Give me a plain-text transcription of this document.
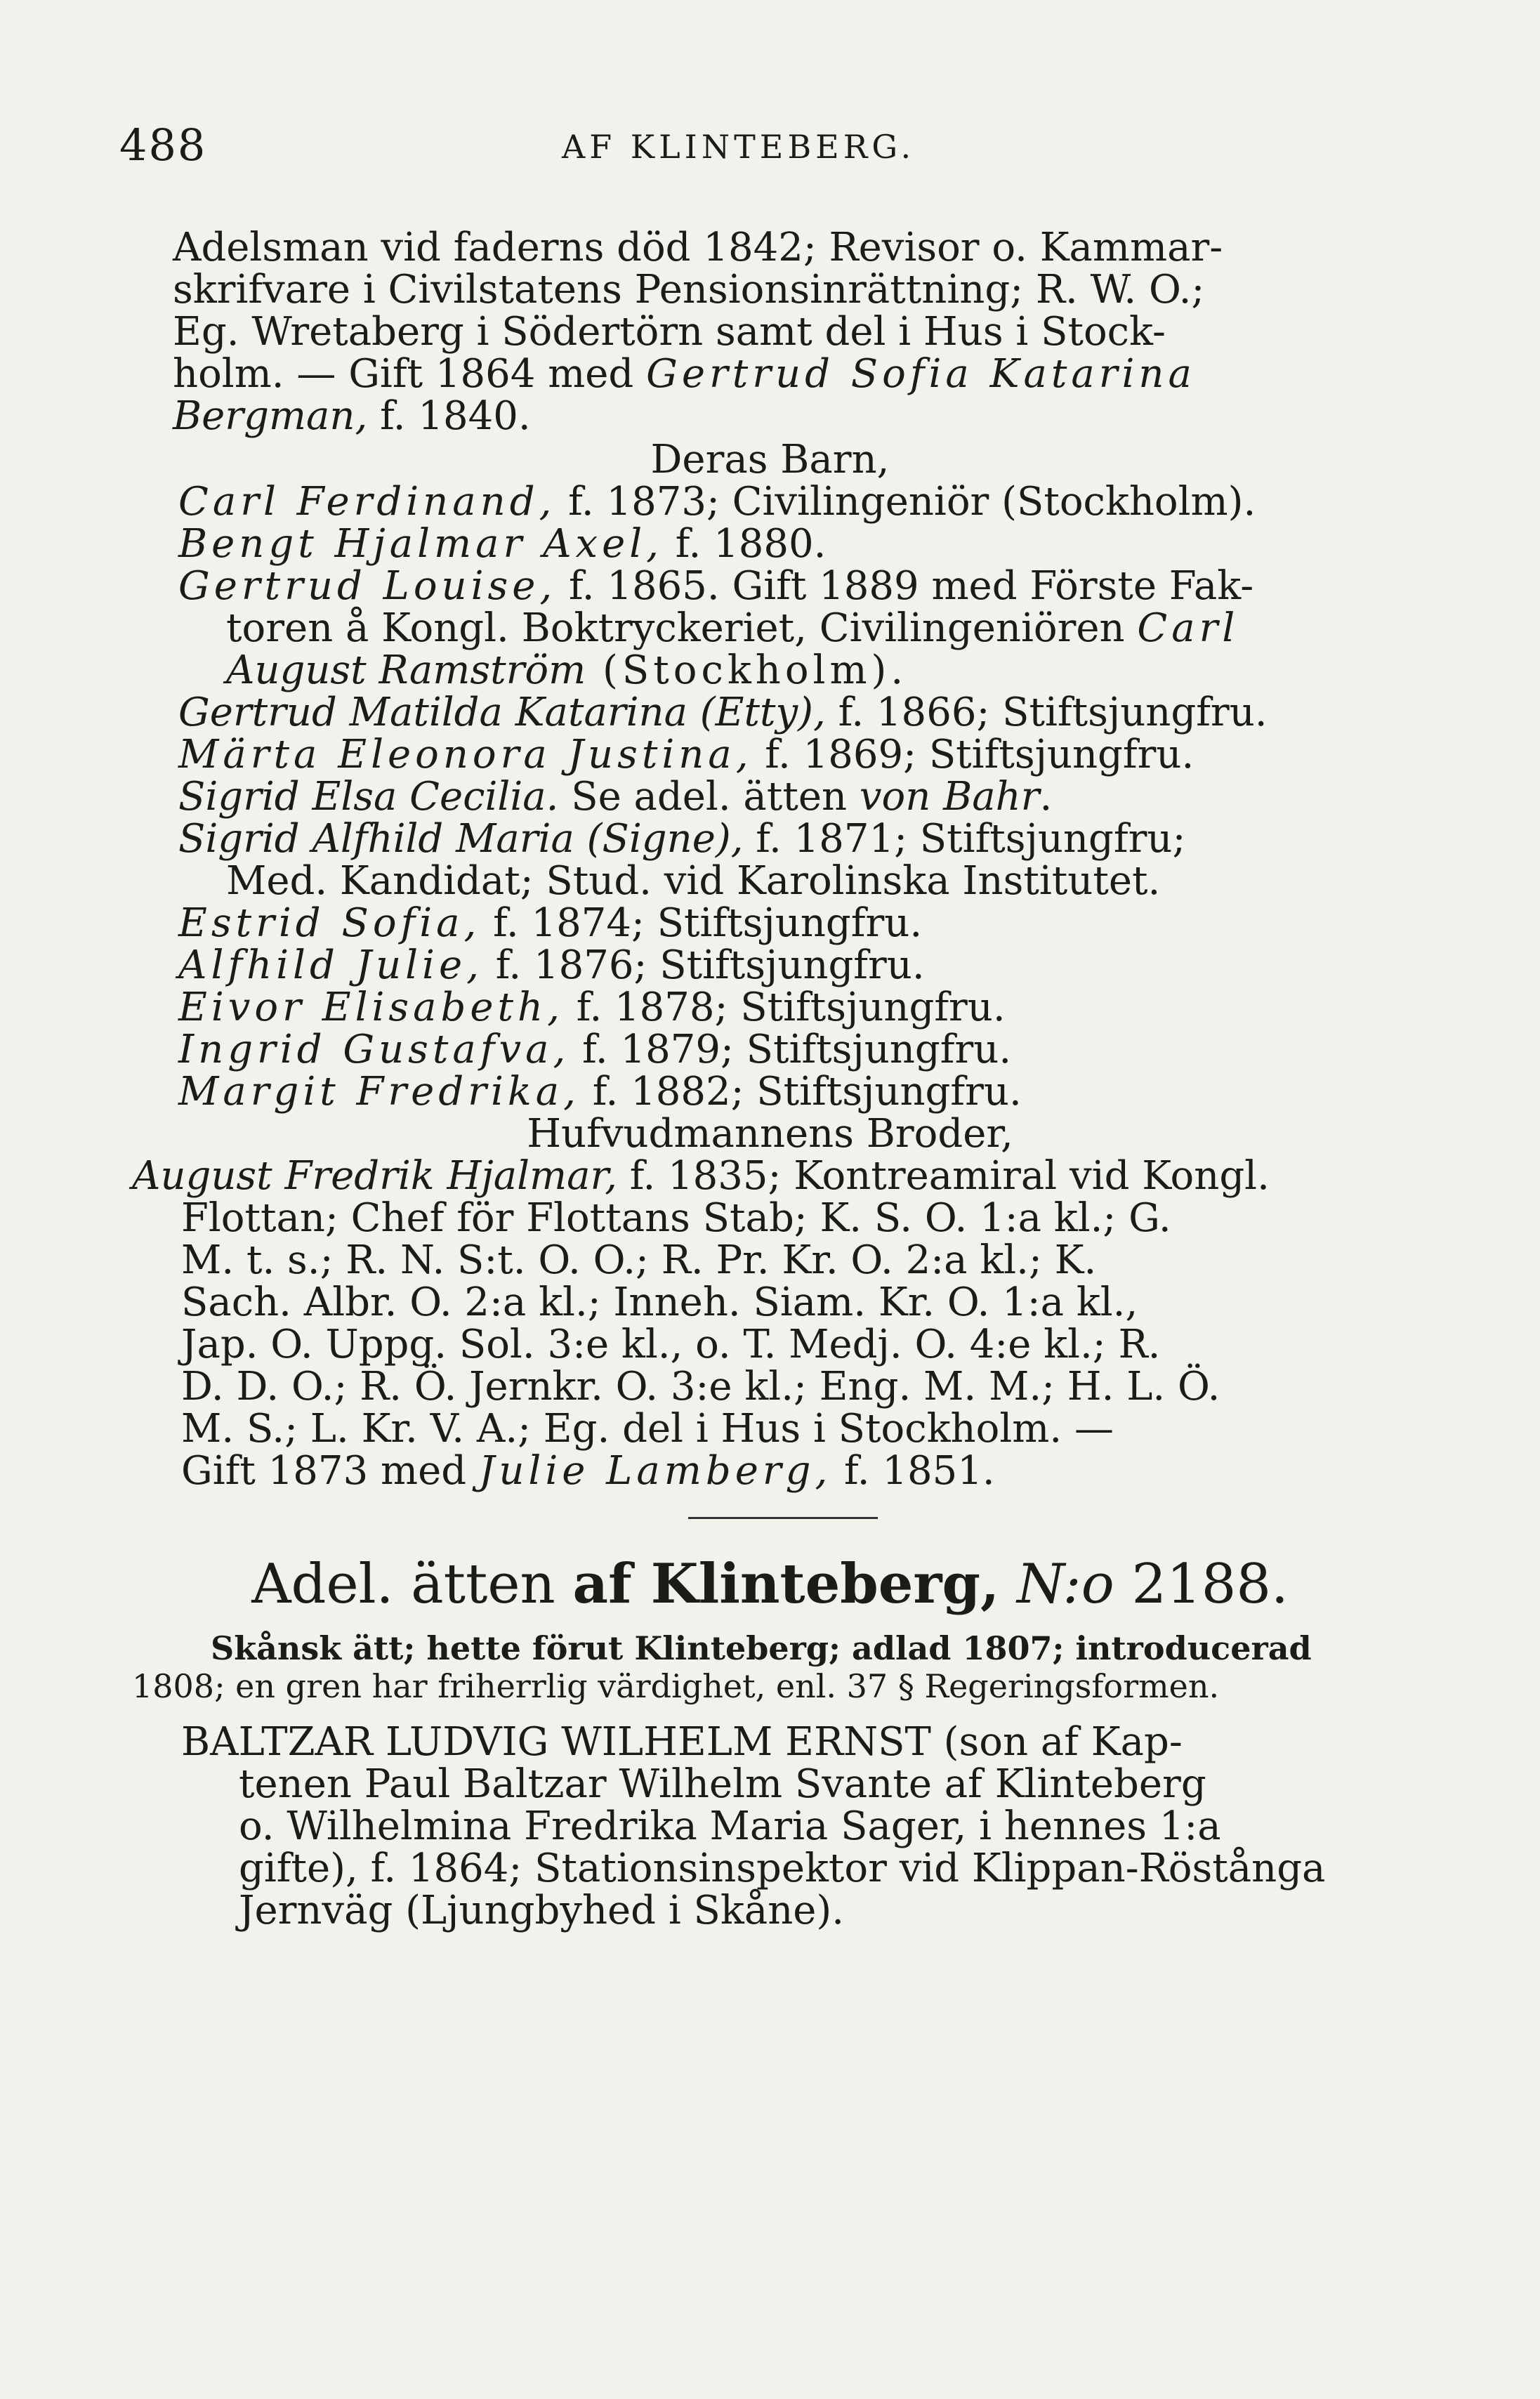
488	AF KLINTEBERG.
Adelsman vid faderns död 1842; Revisor o. Kammar-
skrifvare i Civilstatens Pensionsinrättning; R. W. O.;
Eg. Wretaberg i Södertörn samt del i Hus i Stock-
holm. — Gift 1864 med Gertrud Sofia Katarina
Bergman, f. 1840.
Deras Barn,
Carl Ferdinand, f. 1873; Civilingeniör (Stockholm).
Bengt Hjalmar Axel, f. 1880.
Gertrud Louise, f. 1865. Gift 1889 med Förste Fak-
toren å Kongl. Boktryckeriet, Civilingeniören Carl
August Ramström (Stockholm).
Gertrud Matilda Katarina (Etty), f. 1866; Stiftsjungfru.
Märta Eleonora Justina, f. 1869; Stiftsjungfru.
Sigrid Elsa Cecilia. Se adel. ätten von Bahr.
Sigrid Alfhild Maria (Signe), f. 1871; Stiftsjungfru;
Med. Kandidat; Stud. vid Karolinska Institutet.
Estrid Sofia, f. 1874; Stiftsjungfru.
Alfhild Julie, f. 1876; Stiftsjungfru.
Eivor Elisabeth, f. 1878; Stiftsjungfru.
Ingrid Gustafva, f. 1879; Stiftsjungfru.
Margit Fredrika, f. 1882; Stiftsjungfru.
Hufvudmannens Broder,
August Fredrik Hjalmar, f. 1835; Kontreamiral vid Kongl.
Flottan; Chef för Flottans Stab; K. S. O. 1:a kl.; G.
M. t. s.; R. N. S:t. O. O.; R. Pr. Kr. O. 2:a kl.; K.
Sach. Albr. O. 2:a kl.; Inneh. Siam. Kr. O. 1:a kl.,
Jap. O. Uppg. Sol. 3:e kl., o. T. Medj. O. 4:e kl.; R.
D. D. O.; R. Ö. Jernkr. O. 3:e kl.; Eng. M. M.; H. L. Ö.
M. S.; L. Kr. V. A.; Eg. del i Hus i Stockholm. —
Gift 1873 med Julie Lamberg, f. 1851.
Adel. ätten af Klinteberg, N:o 2188.
Skånsk ätt; hette förut Klinteberg; adlad 1807; introducerad
1808; en gren har friherrlig värdighet, enl. 37 § Regeringsformen.
BALTZAR LUDVIG WILHELM ERNST (son af Kap-
tenen Paul Baltzar Wilhelm Svante af Klinteberg
o. Wilhelmina Fredrika Maria Sager, i hennes 1:a
gifte), f. 1864; Stationsinspektor vid Klippan-Röstånga
Jernväg (Ljungbyhed i Skåne).
